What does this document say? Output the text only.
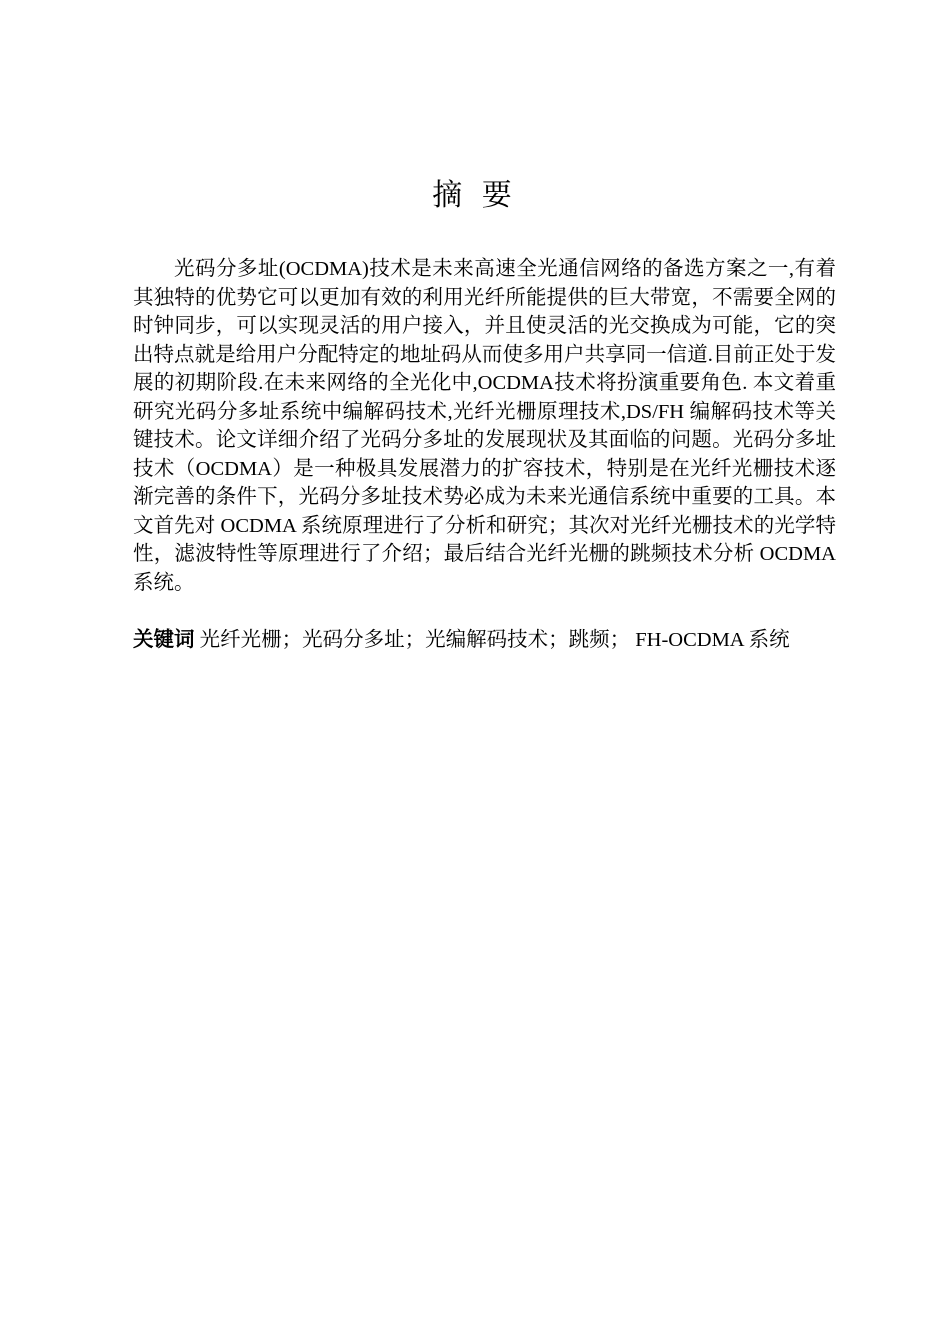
摘 要

光码分多址(OCDMA)技术是未来高速全光通信网络的备选方案之一,有着其独特的优势它可以更加有效的利用光纤所能提供的巨大带宽，不需要全网的时钟同步，可以实现灵活的用户接入，并且使灵活的光交换成为可能，它的突出特点就是给用户分配特定的地址码从而使多用户共享同一信道.目前正处于发展的初期阶段.在未来网络的全光化中,OCDMA技术将扮演重要角色. 本文着重研究光码分多址系统中编解码技术,光纤光栅原理技术,DS/FH 编解码技术等关键技术。论文详细介绍了光码分多址的发展现状及其面临的问题。光码分多址技术（OCDMA）是一种极具发展潜力的扩容技术，特别是在光纤光栅技术逐渐完善的条件下，光码分多址技术势必成为未来光通信系统中重要的工具。本文首先对 OCDMA 系统原理进行了分析和研究；其次对光纤光栅技术的光学特性，滤波特性等原理进行了介绍；最后结合光纤光栅的跳频技术分析 OCDMA 系统。

关键词 光纤光栅；光码分多址；光编解码技术；跳频； FH-OCDMA 系统
